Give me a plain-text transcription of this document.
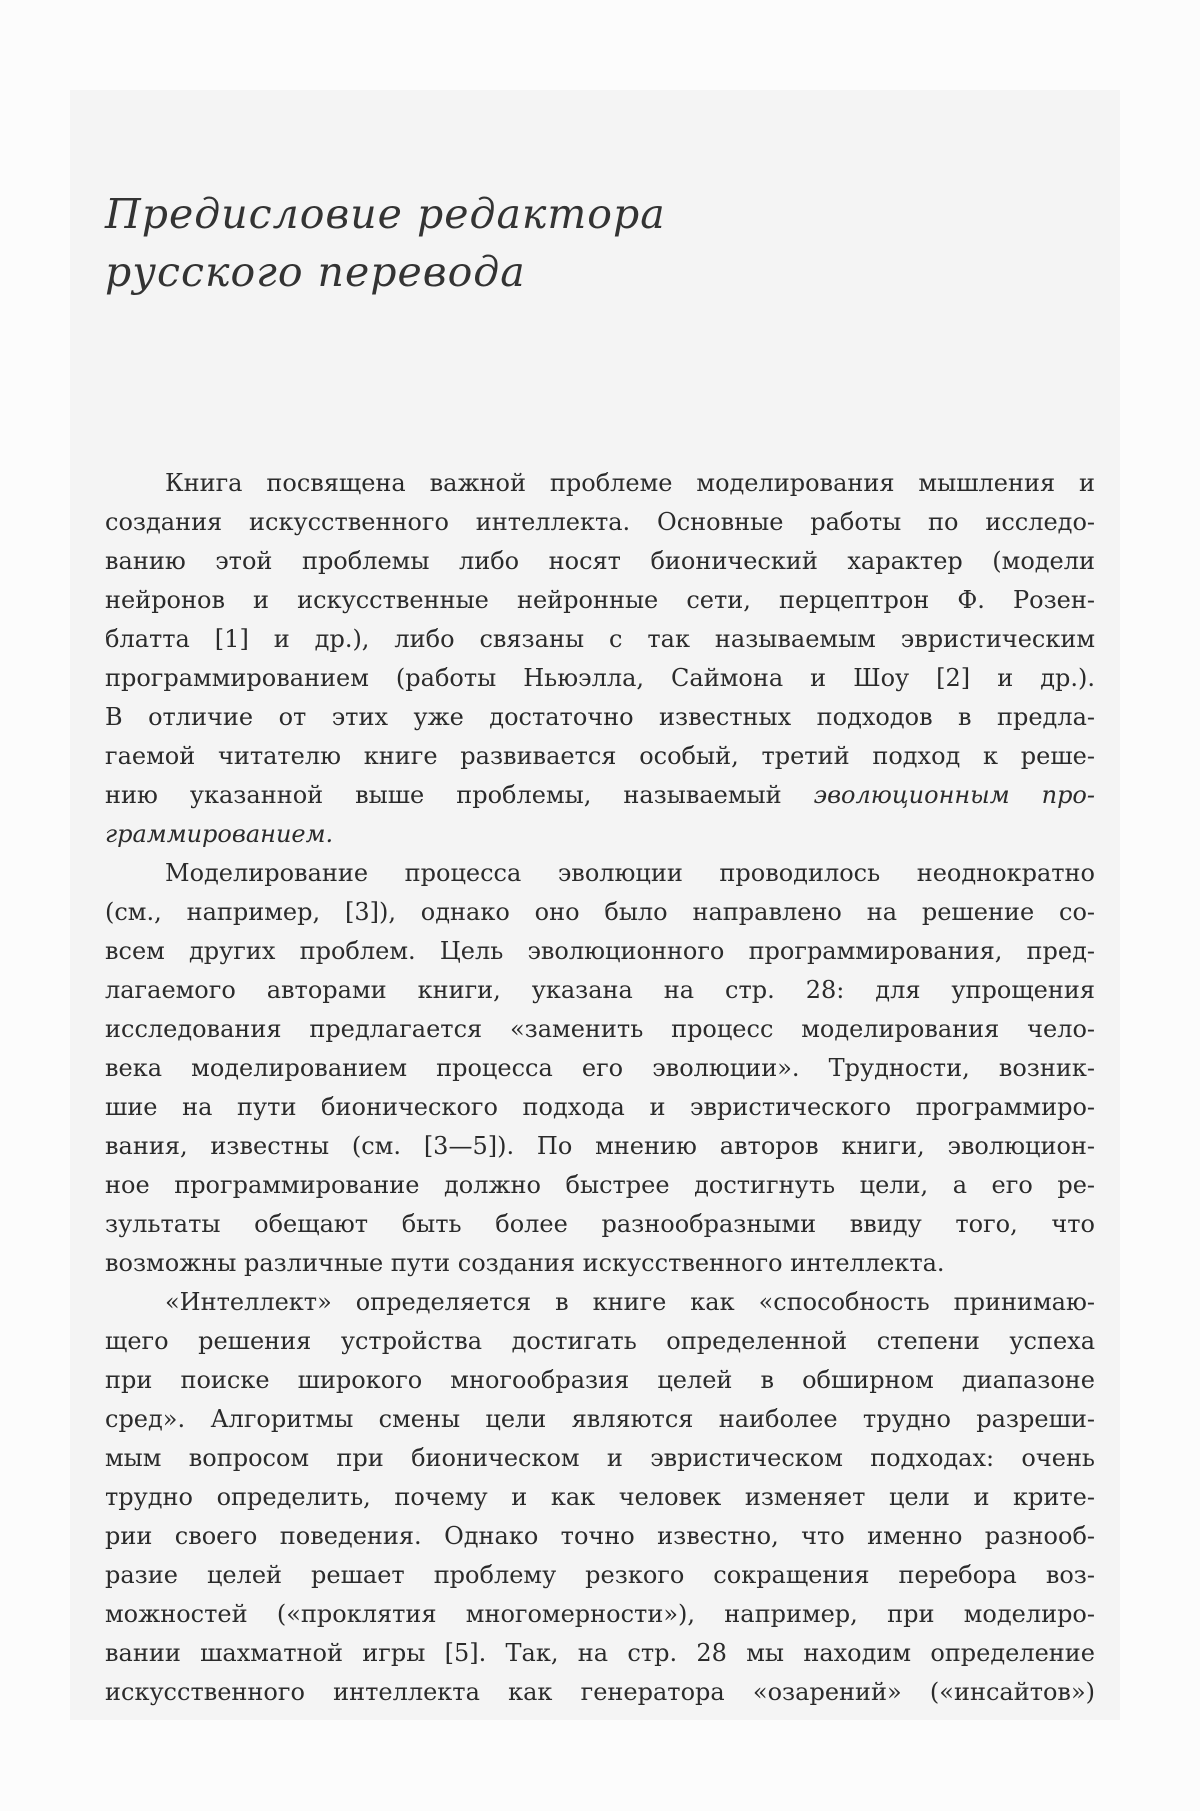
Предисловие редактора
русского перевода
Книга посвящена важной проблеме моделирования мышления и
создания искусственного интеллекта. Основные работы по исследо-
ванию этой проблемы либо носят бионический характер (модели
нейронов и искусственные нейронные сети, перцептрон Ф. Розен-
блатта [1] и др.), либо связаны с так называемым эвристическим
программированием (работы Ньюэлла, Саймона и Шоу [2] и др.).
В отличие от этих уже достаточно известных подходов в предла-
гаемой читателю книге развивается особый, третий подход к реше-
нию указанной выше проблемы, называемый эволюционным про-
граммированием.
Моделирование процесса эволюции проводилось неоднократно
(см., например, [3]), однако оно было направлено на решение со-
всем других проблем. Цель эволюционного программирования, пред-
лагаемого авторами книги, указана на стр. 28: для упрощения
исследования предлагается «заменить процесс моделирования чело-
века моделированием процесса его эволюции». Трудности, возник-
шие на пути бионического подхода и эвристического программиро-
вания, известны (см. [3—5]). По мнению авторов книги, эволюцион-
ное программирование должно быстрее достигнуть цели, а его ре-
зультаты обещают быть более разнообразными ввиду того, что
возможны различные пути создания искусственного интеллекта.
«Интеллект» определяется в книге как «способность принимаю-
щего решения устройства достигать определенной степени успеха
при поиске широкого многообразия целей в обширном диапазоне
сред». Алгоритмы смены цели являются наиболее трудно разреши-
мым вопросом при бионическом и эвристическом подходах: очень
трудно определить, почему и как человек изменяет цели и крите-
рии своего поведения. Однако точно известно, что именно разнооб-
разие целей решает проблему резкого сокращения перебора воз-
можностей («проклятия многомерности»), например, при моделиро-
вании шахматной игры [5]. Так, на стр. 28 мы находим определение
искусственного интеллекта как генератора «озарений» («инсайтов»)
